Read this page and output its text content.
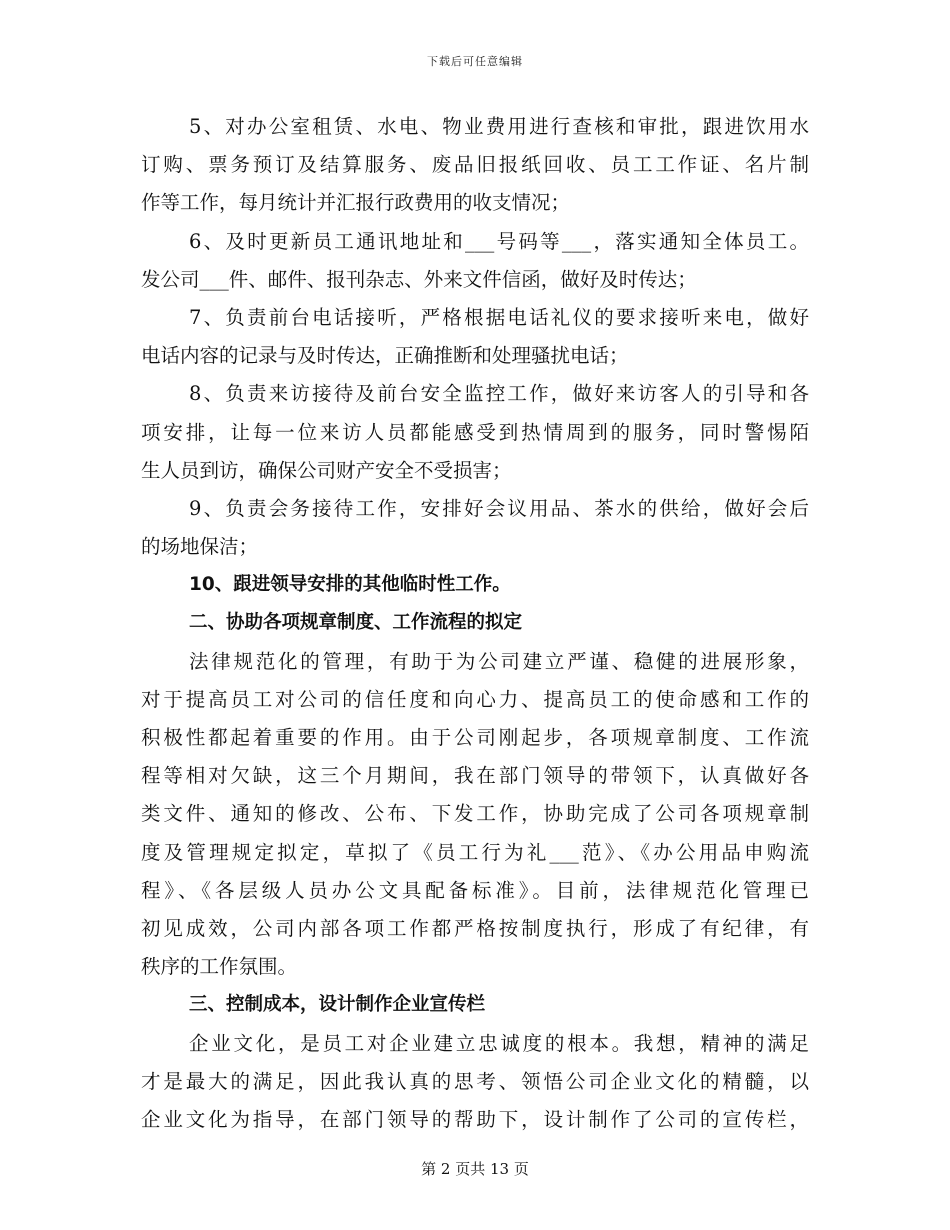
下载后可任意编辑
5、对办公室租赁、水电、物业费用进行查核和审批，跟进饮用水
订购、票务预订及结算服务、废品旧报纸回收、员工工作证、名片制
作等工作，每月统计并汇报行政费用的收支情况；
6、及时更新员工通讯地址和___号码等___，落实通知全体员工。
发公司___件、邮件、报刊杂志、外来文件信函，做好及时传达；
7、负责前台电话接听，严格根据电话礼仪的要求接听来电，做好
电话内容的记录与及时传达，正确推断和处理骚扰电话；
8、负责来访接待及前台安全监控工作，做好来访客人的引导和各
项安排，让每一位来访人员都能感受到热情周到的服务，同时警惕陌
生人员到访，确保公司财产安全不受损害；
9、负责会务接待工作，安排好会议用品、茶水的供给，做好会后
的场地保洁；
10、跟进领导安排的其他临时性工作。
二、协助各项规章制度、工作流程的拟定
法律规范化的管理，有助于为公司建立严谨、稳健的进展形象，
对于提高员工对公司的信任度和向心力、提高员工的使命感和工作的
积极性都起着重要的作用。由于公司刚起步，各项规章制度、工作流
程等相对欠缺，这三个月期间，我在部门领导的带领下，认真做好各
类文件、通知的修改、公布、下发工作，协助完成了公司各项规章制
度及管理规定拟定，草拟了《员工行为礼___范》、《办公用品申购流
程》、《各层级人员办公文具配备标准》。目前，法律规范化管理已
初见成效，公司内部各项工作都严格按制度执行，形成了有纪律，有
秩序的工作氛围。
三、控制成本，设计制作企业宣传栏
企业文化，是员工对企业建立忠诚度的根本。我想，精神的满足
才是最大的满足，因此我认真的思考、领悟公司企业文化的精髓，以
企业文化为指导，在部门领导的帮助下，设计制作了公司的宣传栏，
第 2 页共 13 页
